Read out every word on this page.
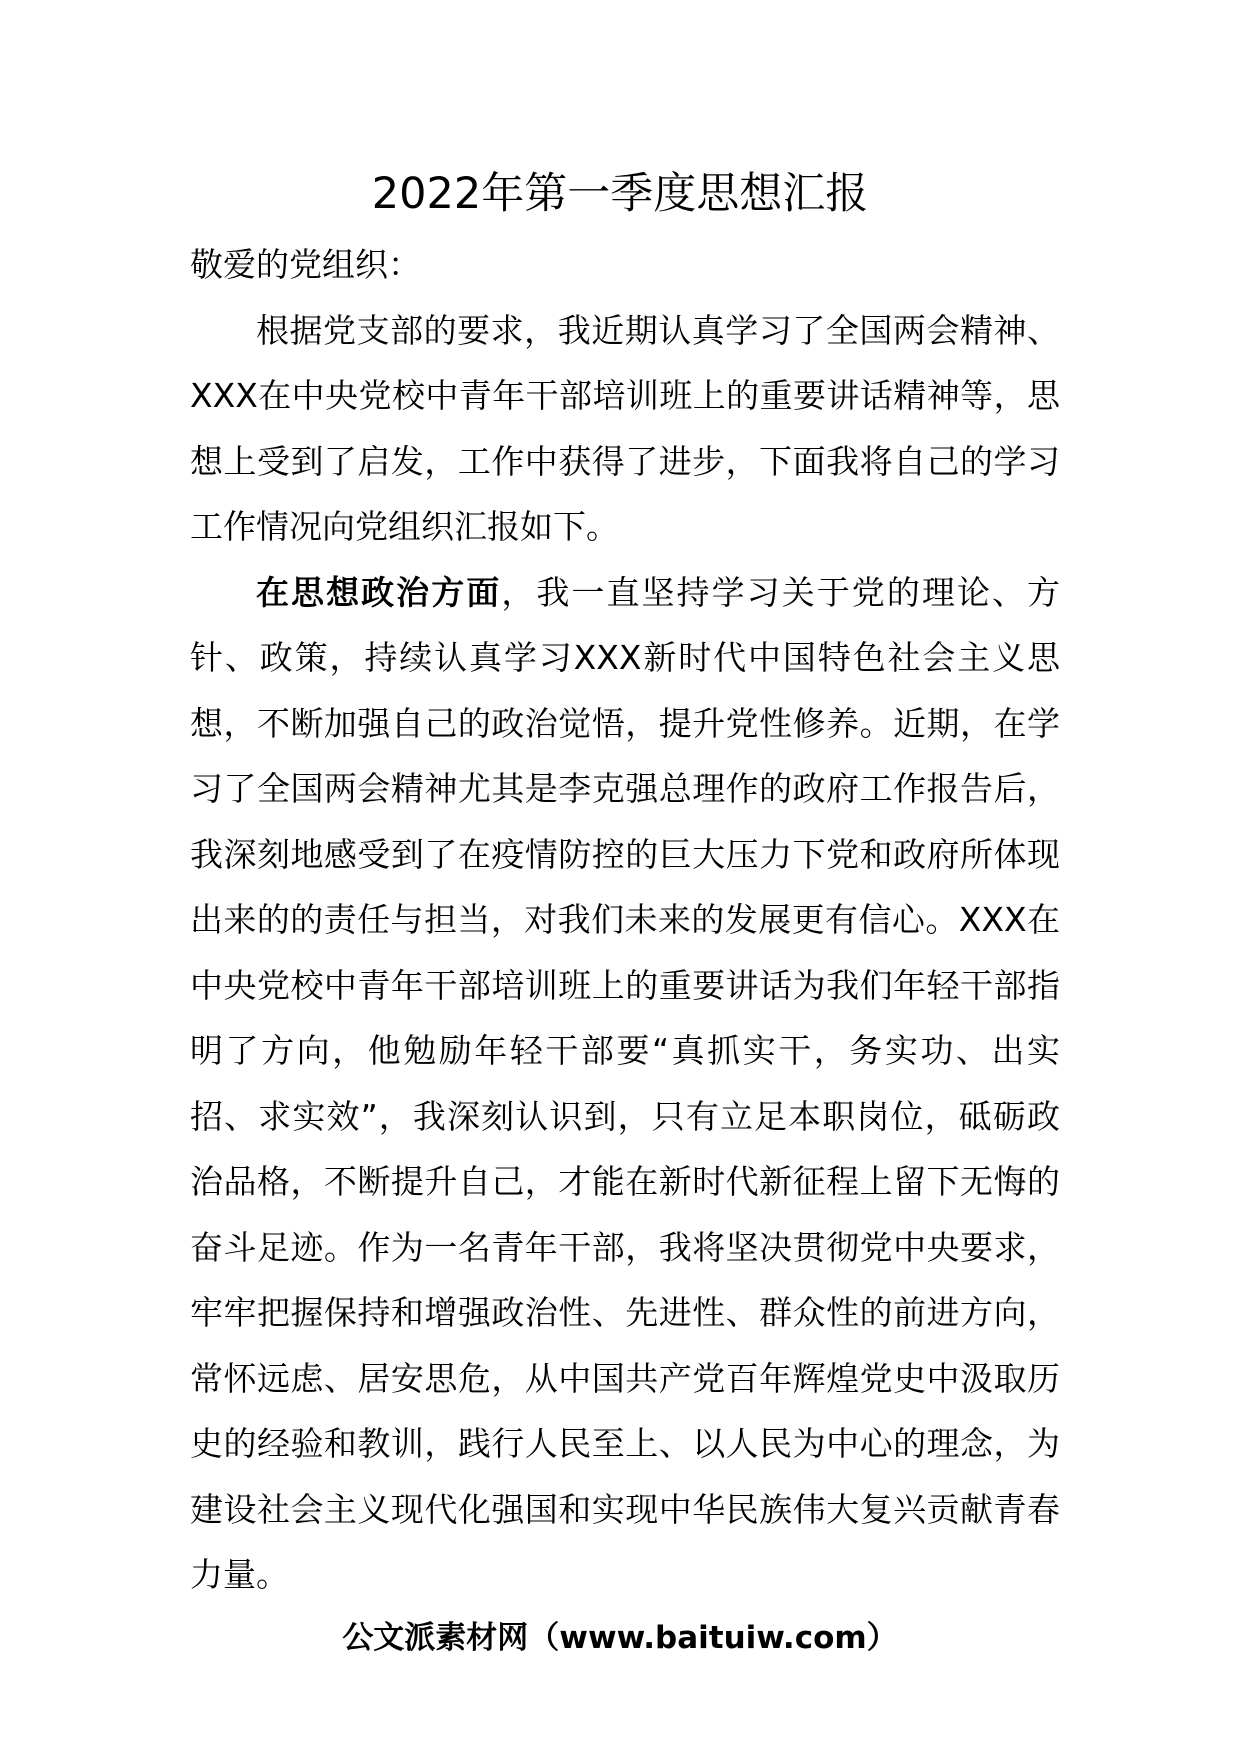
2022年第一季度思想汇报

敬爱的党组织：

根据党支部的要求，我近期认真学习了全国两会精神、XXX在中央党校中青年干部培训班上的重要讲话精神等，思想上受到了启发，工作中获得了进步，下面我将自己的学习工作情况向党组织汇报如下。

在思想政治方面，我一直坚持学习关于党的理论、方针、政策，持续认真学习XXX新时代中国特色社会主义思想，不断加强自己的政治觉悟，提升党性修养。近期，在学习了全国两会精神尤其是李克强总理作的政府工作报告后，我深刻地感受到了在疫情防控的巨大压力下党和政府所体现出来的的责任与担当，对我们未来的发展更有信心。XXX在中央党校中青年干部培训班上的重要讲话为我们年轻干部指明了方向，他勉励年轻干部要“真抓实干，务实功、出实招、求实效”，我深刻认识到，只有立足本职岗位，砥砺政治品格，不断提升自己，才能在新时代新征程上留下无悔的奋斗足迹。作为一名青年干部，我将坚决贯彻党中央要求，牢牢把握保持和增强政治性、先进性、群众性的前进方向，常怀远虑、居安思危，从中国共产党百年辉煌党史中汲取历史的经验和教训，践行人民至上、以人民为中心的理念，为建设社会主义现代化强国和实现中华民族伟大复兴贡献青春力量。

公文派素材网（www.baituiw.com）
